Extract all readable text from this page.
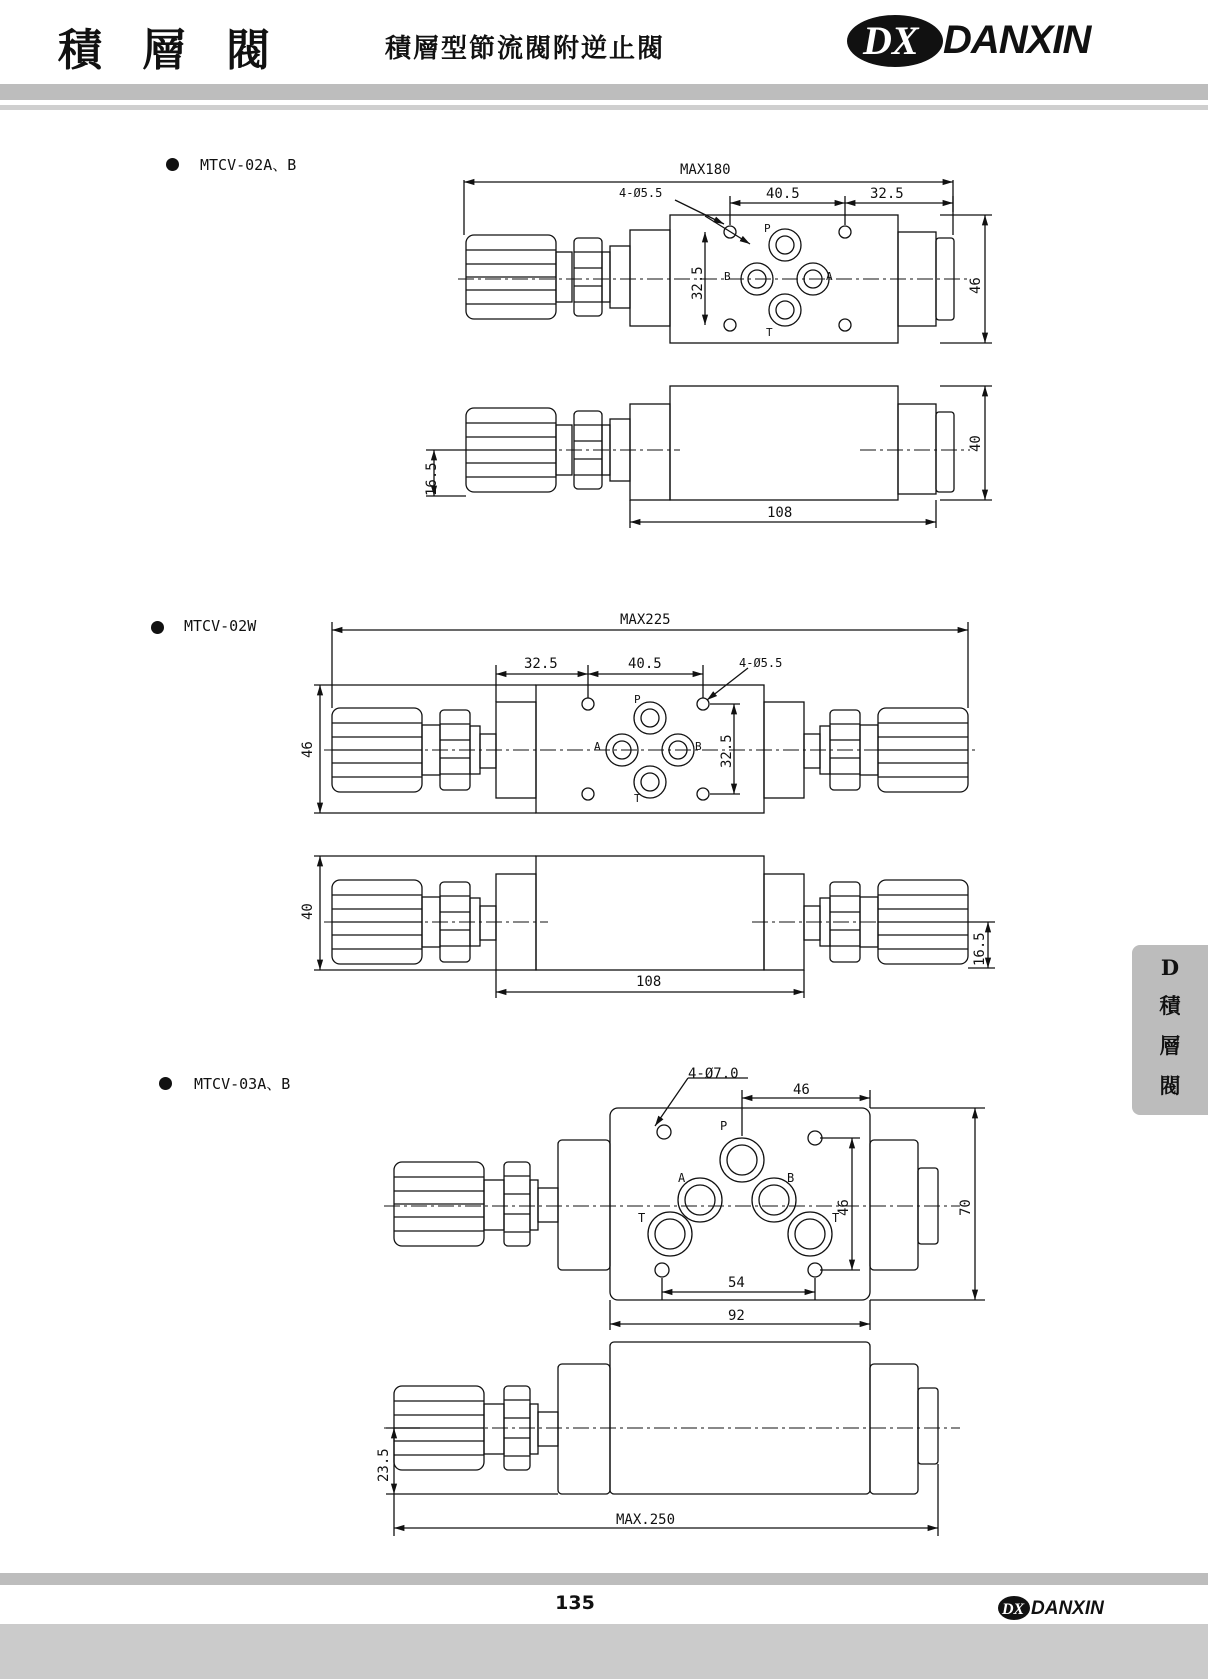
積層閥	積層型節流閥附逆止閥	DX DANXIN
MTCV-02A、B
MTCV-02W
MTCV-03A、B
MAX180
4-Ø5.5	40.5	32.5
46
32.5
P
B	A
T
40
16.5
108
MAX225
32.5	40.5	4-Ø5.5
46	32.5
P
A	B
T
40
16.5
108
4-Ø7.0
46
70
46
54
92
P
A	B
T	T
23.5
MAX.250
D
積
層
閥
135	DX DANXIN
